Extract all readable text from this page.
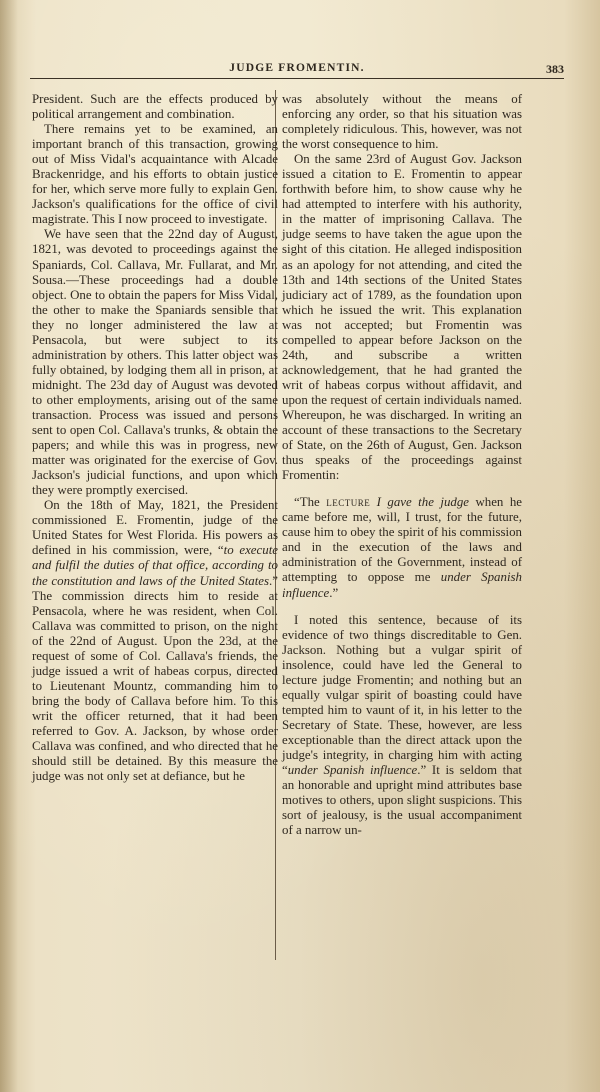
JUDGE FROMENTIN.	383

President. Such are the effects produced by political arrangement and combination.

There remains yet to be examined, an important branch of this transaction, growing out of Miss Vidal's acquaintance with Alcade Brackenridge, and his efforts to obtain justice for her, which serve more fully to explain Gen. Jackson's qualifications for the office of civil magistrate. This I now proceed to investigate.

We have seen that the 22nd day of August, 1821, was devoted to proceedings against the Spaniards, Col. Callava, Mr. Fullarat, and Mr. Sousa.—These proceedings had a double object. One to obtain the papers for Miss Vidal, the other to make the Spaniards sensible that they no longer administered the law at Pensacola, but were subject to its administration by others. This latter object was fully obtained, by lodging them all in prison, at midnight. The 23d day of August was devoted to other employments, arising out of the same transaction. Process was issued and persons sent to open Col. Callava's trunks, & obtain the papers; and while this was in progress, new matter was originated for the exercise of Gov. Jackson's judicial functions, and upon which they were promptly exercised.

On the 18th of May, 1821, the President commissioned E. Fromentin, judge of the United States for West Florida. His powers as defined in his commission, were, “to execute and fulfil the duties of that office, according to the constitution and laws of the United States.” The commission directs him to reside at Pensacola, where he was resident, when Col. Callava was committed to prison, on the night of the 22nd of August. Upon the 23d, at the request of some of Col. Callava's friends, the judge issued a writ of habeas corpus, directed to Lieutenant Mountz, commanding him to bring the body of Callava before him. To this writ the officer returned, that it had been referred to Gov. A. Jackson, by whose order Callava was confined, and who directed that he should still be detained. By this measure the judge was not only set at defiance, but he

was absolutely without the means of enforcing any order, so that his situation was completely ridiculous. This, however, was not the worst consequence to him.

On the same 23rd of August Gov. Jackson issued a citation to E. Fromentin to appear forthwith before him, to show cause why he had attempted to interfere with his authority, in the matter of imprisoning Callava. The judge seems to have taken the ague upon the sight of this citation. He alleged indisposition as an apology for not attending, and cited the 13th and 14th sections of the United States judiciary act of 1789, as the foundation upon which he issued the writ. This explanation was not accepted; but Fromentin was compelled to appear before Jackson on the 24th, and subscribe a written acknowledgement, that he had granted the writ of habeas corpus without affidavit, and upon the request of certain individuals named. Whereupon, he was discharged. In writing an account of these transactions to the Secretary of State, on the 26th of August, Gen. Jackson thus speaks of the proceedings against Fromentin:

“The lecture I gave the judge when he came before me, will, I trust, for the future, cause him to obey the spirit of his commission and in the execution of the laws and administration of the Government, instead of attempting to oppose me under Spanish influence.”

I noted this sentence, because of its evidence of two things discreditable to Gen. Jackson. Nothing but a vulgar spirit of insolence, could have led the General to lecture judge Fromentin; and nothing but an equally vulgar spirit of boasting could have tempted him to vaunt of it, in his letter to the Secretary of State. These, however, are less exceptionable than the direct attack upon the judge's integrity, in charging him with acting “under Spanish influence.” It is seldom that an honorable and upright mind attributes base motives to others, upon slight suspicions. This sort of jealousy, is the usual accompaniment of a narrow un-
